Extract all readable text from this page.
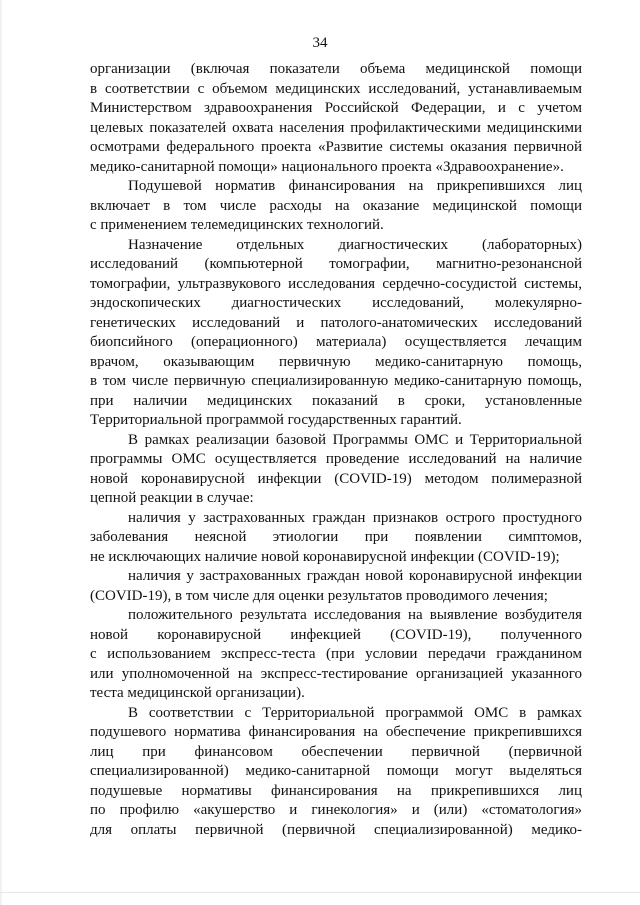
34
организации (включая показатели объема медицинской помощи
в соответствии с объемом медицинских исследований, устанавливаемым
Министерством здравоохранения Российской Федерации, и с учетом
целевых показателей охвата населения профилактическими медицинскими
осмотрами федерального проекта «Развитие системы оказания первичной
медико-санитарной помощи» национального проекта «Здравоохранение».
Подушевой норматив финансирования на прикрепившихся лиц
включает в том числе расходы на оказание медицинской помощи
с применением телемедицинских технологий.
Назначение отдельных диагностических (лабораторных)
исследований (компьютерной томографии, магнитно-резонансной
томографии, ультразвукового исследования сердечно-сосудистой системы,
эндоскопических диагностических исследований, молекулярно-
генетических исследований и патолого-анатомических исследований
биопсийного (операционного) материала) осуществляется лечащим
врачом, оказывающим первичную медико-санитарную помощь,
в том числе первичную специализированную медико-санитарную помощь,
при наличии медицинских показаний в сроки, установленные
Территориальной программой государственных гарантий.
В рамках реализации базовой Программы ОМС и Территориальной
программы ОМС осуществляется проведение исследований на наличие
новой коронавирусной инфекции (COVID-19) методом полимеразной
цепной реакции в случае:
наличия у застрахованных граждан признаков острого простудного
заболевания неясной этиологии при появлении симптомов,
не исключающих наличие новой коронавирусной инфекции (COVID-19);
наличия у застрахованных граждан новой коронавирусной инфекции
(COVID-19), в том числе для оценки результатов проводимого лечения;
положительного результата исследования на выявление возбудителя
новой коронавирусной инфекцией (COVID-19), полученного
с использованием экспресс-теста (при условии передачи гражданином
или уполномоченной на экспресс-тестирование организацией указанного
теста медицинской организации).
В соответствии с Территориальной программой ОМС в рамках
подушевого норматива финансирования на обеспечение прикрепившихся
лиц при финансовом обеспечении первичной (первичной
специализированной) медико-санитарной помощи могут выделяться
подушевые нормативы финансирования на прикрепившихся лиц
по профилю «акушерство и гинекология» и (или) «стоматология»
для оплаты первичной (первичной специализированной) медико-
